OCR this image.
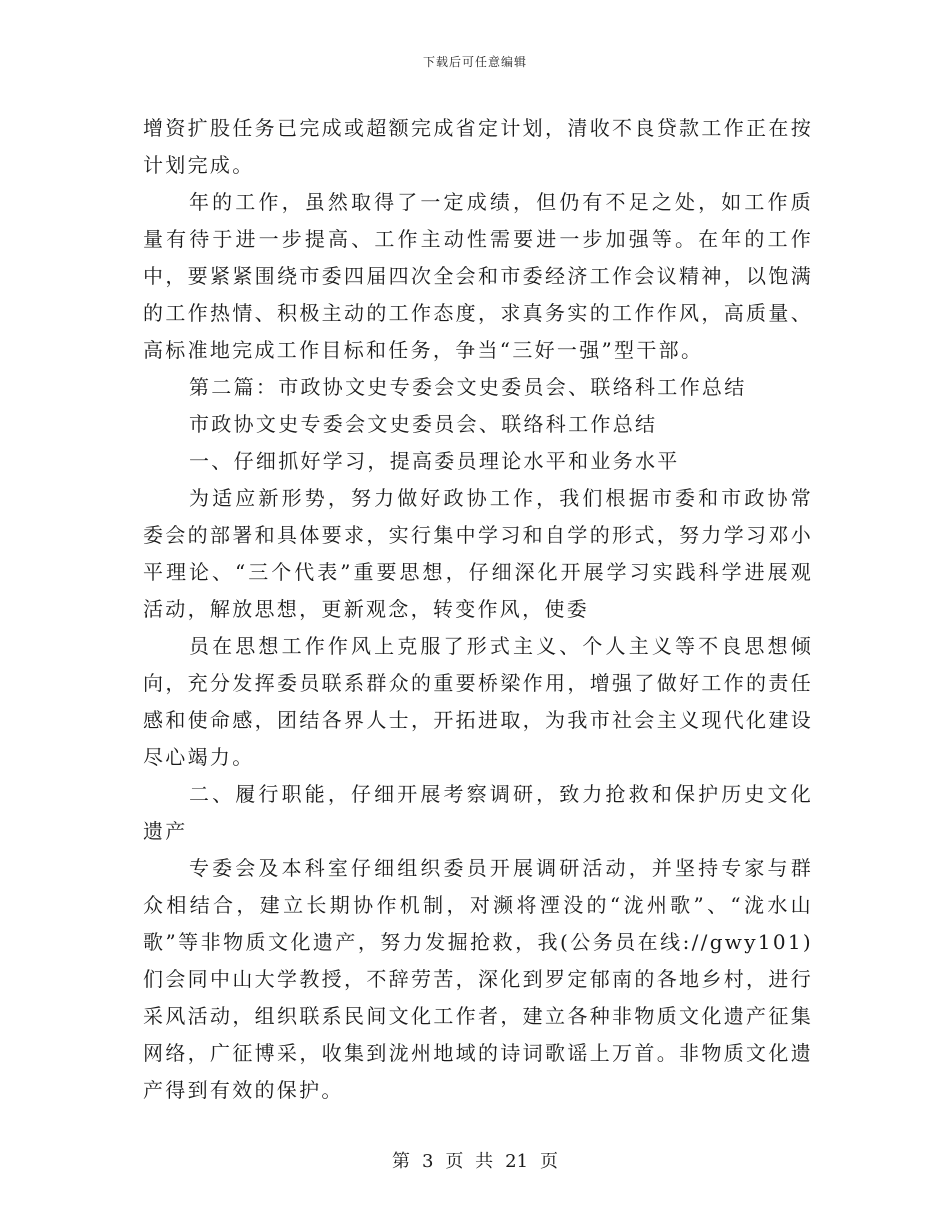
下载后可任意编辑

增资扩股任务已完成或超额完成省定计划，清收不良贷款工作正在按计划完成。

年的工作，虽然取得了一定成绩，但仍有不足之处，如工作质量有待于进一步提高、工作主动性需要进一步加强等。在年的工作中，要紧紧围绕市委四届四次全会和市委经济工作会议精神，以饱满的工作热情、积极主动的工作态度，求真务实的工作作风，高质量、高标准地完成工作目标和任务，争当“三好一强”型干部。

第二篇：市政协文史专委会文史委员会、联络科工作总结

市政协文史专委会文史委员会、联络科工作总结

一、仔细抓好学习，提高委员理论水平和业务水平

为适应新形势，努力做好政协工作，我们根据市委和市政协常委会的部署和具体要求，实行集中学习和自学的形式，努力学习邓小平理论、“三个代表”重要思想，仔细深化开展学习实践科学进展观活动，解放思想，更新观念，转变作风，使委

员在思想工作作风上克服了形式主义、个人主义等不良思想倾向，充分发挥委员联系群众的重要桥梁作用，增强了做好工作的责任感和使命感，团结各界人士，开拓进取，为我市社会主义现代化建设尽心竭力。

二、履行职能，仔细开展考察调研，致力抢救和保护历史文化遗产

专委会及本科室仔细组织委员开展调研活动，并坚持专家与群众相结合，建立长期协作机制，对濒将湮没的“泷州歌”、“泷水山歌”等非物质文化遗产，努力发掘抢救，我(公务员在线://gwy101)们会同中山大学教授，不辞劳苦，深化到罗定郁南的各地乡村，进行采风活动，组织联系民间文化工作者，建立各种非物质文化遗产征集网络，广征博采，收集到泷州地域的诗词歌谣上万首。非物质文化遗产得到有效的保护。

第 3 页 共 21 页
